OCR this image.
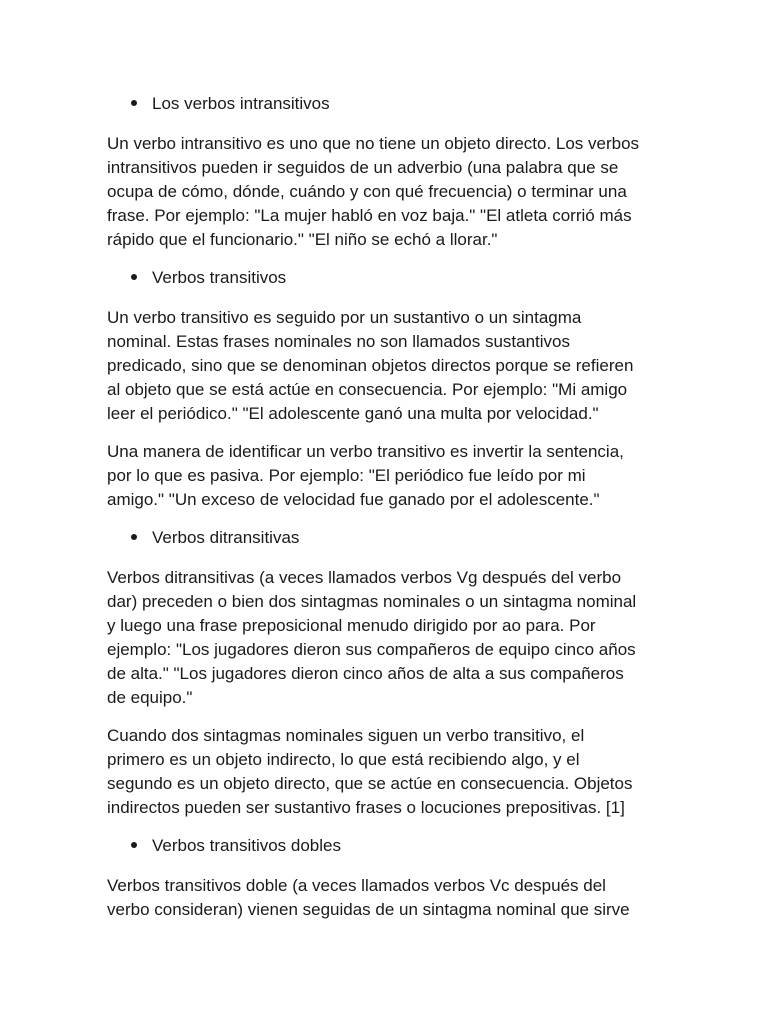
Los verbos intransitivos

Un verbo intransitivo es uno que no tiene un objeto directo. Los verbos
intransitivos pueden ir seguidos de un adverbio (una palabra que se
ocupa de cómo, dónde, cuándo y con qué frecuencia) o terminar una
frase. Por ejemplo: "La mujer habló en voz baja." "El atleta corrió más
rápido que el funcionario." "El niño se echó a llorar."

Verbos transitivos

Un verbo transitivo es seguido por un sustantivo o un sintagma
nominal. Estas frases nominales no son llamados sustantivos
predicado, sino que se denominan objetos directos porque se refieren
al objeto que se está actúe en consecuencia. Por ejemplo: "Mi amigo
leer el periódico." "El adolescente ganó una multa por velocidad."

Una manera de identificar un verbo transitivo es invertir la sentencia,
por lo que es pasiva. Por ejemplo: "El periódico fue leído por mi
amigo." "Un exceso de velocidad fue ganado por el adolescente."

Verbos ditransitivas

Verbos ditransitivas (a veces llamados verbos Vg después del verbo
dar) preceden o bien dos sintagmas nominales o un sintagma nominal
y luego una frase preposicional menudo dirigido por ao para. Por
ejemplo: "Los jugadores dieron sus compañeros de equipo cinco años
de alta." "Los jugadores dieron cinco años de alta a sus compañeros
de equipo."

Cuando dos sintagmas nominales siguen un verbo transitivo, el
primero es un objeto indirecto, lo que está recibiendo algo, y el
segundo es un objeto directo, que se actúe en consecuencia. Objetos
indirectos pueden ser sustantivo frases o locuciones prepositivas. [1]

Verbos transitivos dobles

Verbos transitivos doble (a veces llamados verbos Vc después del
verbo consideran) vienen seguidas de un sintagma nominal que sirve
